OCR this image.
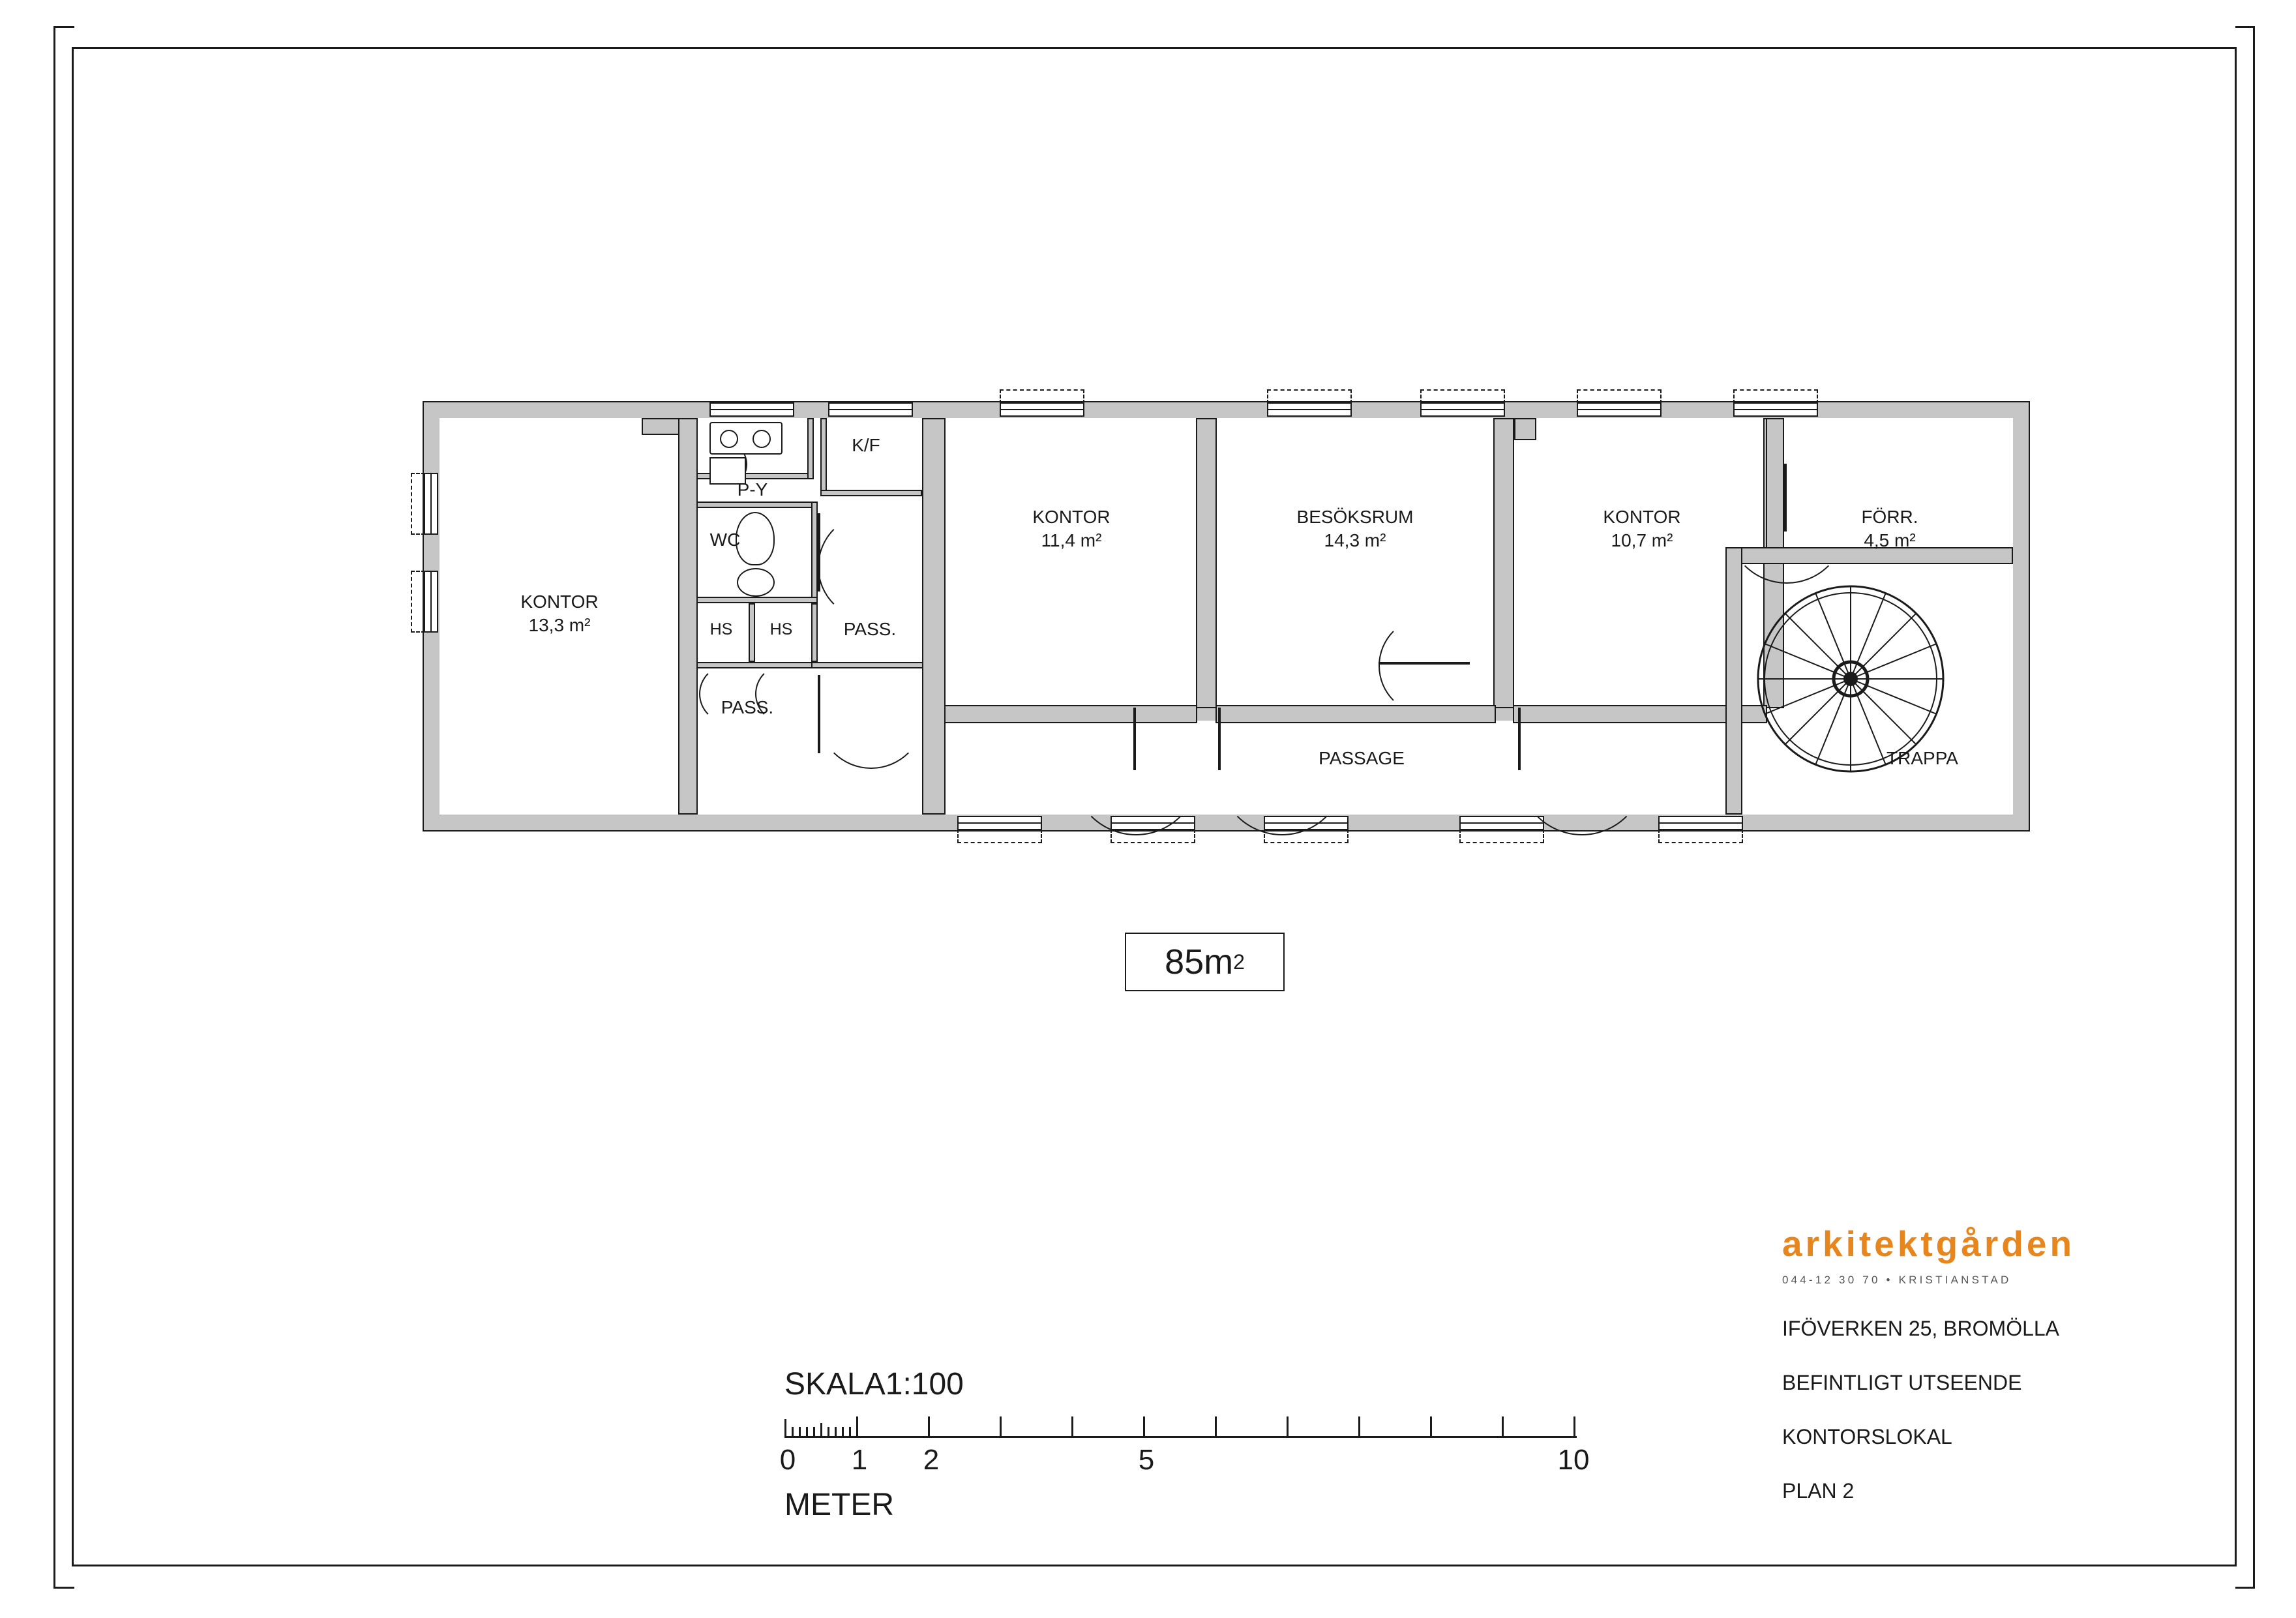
KONTOR
13,3 m²
KONTOR
11,4 m²
BESÖKSRUM
14,3 m²
KONTOR
10,7 m²
FÖRR.
4,5 m²
K/F
P-Y
WC
HS	HS	PASS.
PASS.
PASSAGE	TRAPPA
85m 2
SKALA1:100
0 1 2	5	10
METER
arkitektgården
044-12 30 70 • KRISTIANSTAD
IFÖVERKEN 25, BROMÖLLA
BEFINTLIGT UTSEENDE
KONTORSLOKAL
PLAN 2
